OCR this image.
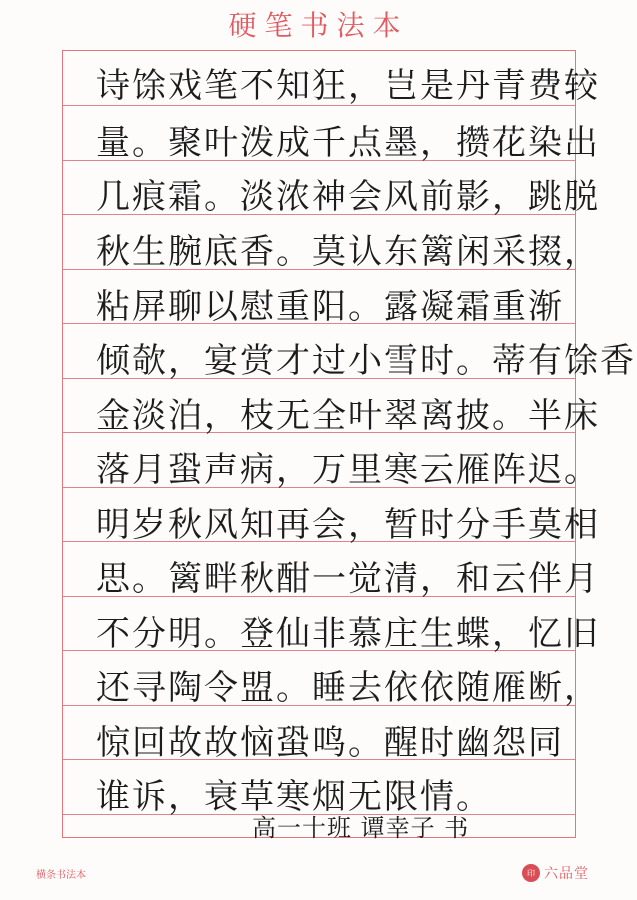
硬笔书法本
诗馀戏笔不知狂，岂是丹青费较
量。聚叶泼成千点墨，攒花染出
几痕霜。淡浓神会风前影，跳脱
秋生腕底香。莫认东篱闲采掇，
粘屏聊以慰重阳。露凝霜重渐
倾欹，宴赏才过小雪时。蒂有馀香
金淡泊，枝无全叶翠离披。半床
落月蛩声病，万里寒云雁阵迟。
明岁秋风知再会，暂时分手莫相
思。篱畔秋酣一觉清，和云伴月
不分明。登仙非慕庄生蝶，忆旧
还寻陶令盟。睡去依依随雁断，
惊回故故恼蛩鸣。醒时幽怨同
谁诉，衰草寒烟无限情。
高一十班 谭幸子 书
横条书法本	印 六品堂
